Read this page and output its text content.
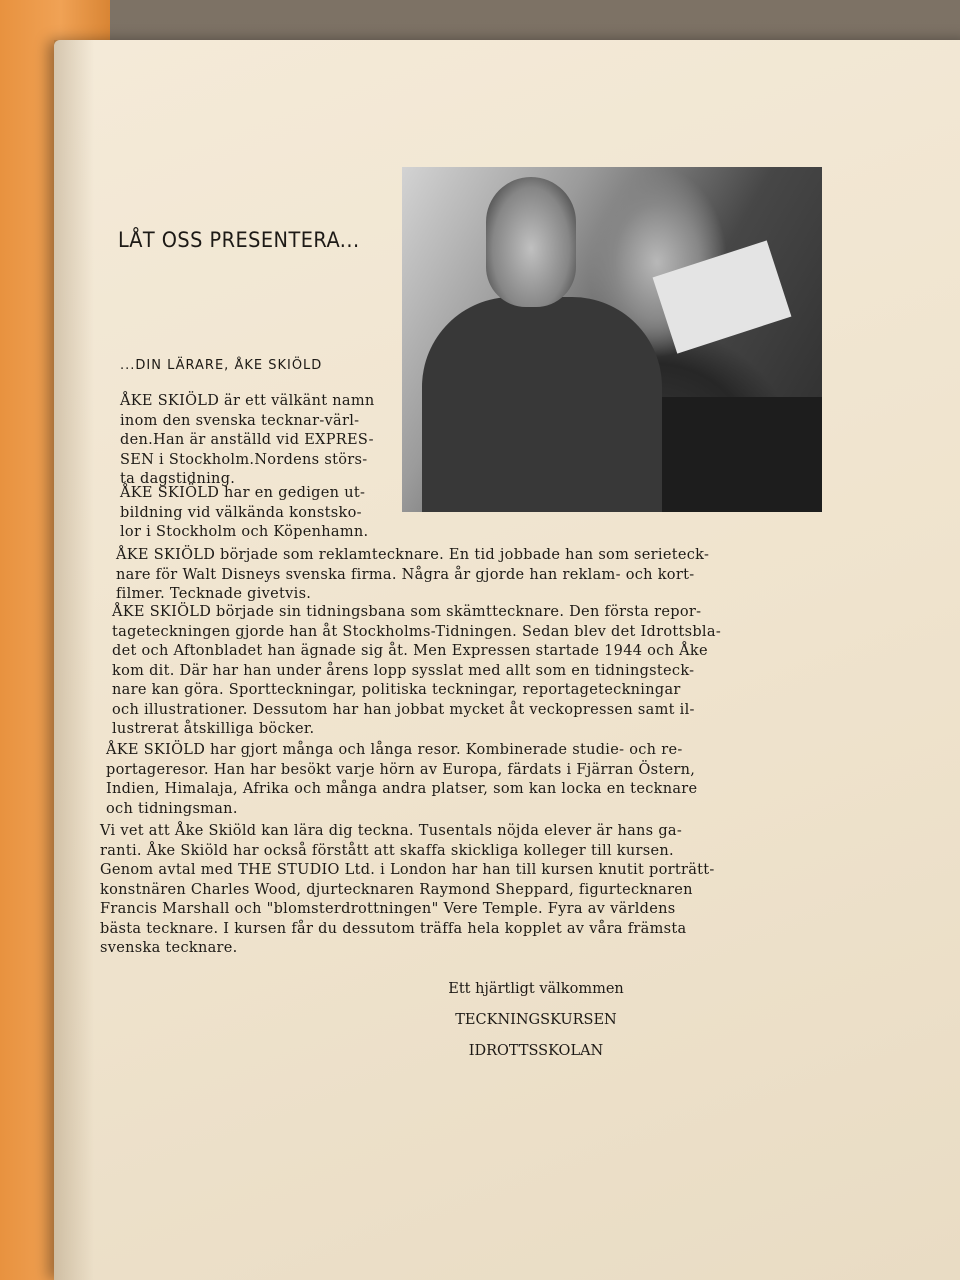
LÅT OSS PRESENTERA...
...DIN LÄRARE, ÅKE SKIÖLD
ÅKE SKIÖLD är ett välkänt namn
inom den svenska tecknar-värl-
den.Han är anställd vid EXPRES-
SEN i Stockholm.Nordens störs-
ta dagstidning.
ÅKE SKIÖLD har en gedigen ut-
bildning vid välkända konstsko-
lor i Stockholm och Köpenhamn.
ÅKE SKIÖLD började som reklamtecknare. En tid jobbade han som serieteck-
nare för Walt Disneys svenska firma. Några år gjorde han reklam- och kort-
filmer. Tecknade givetvis.
ÅKE SKIÖLD började sin tidningsbana som skämttecknare. Den första repor-
tageteckningen gjorde han åt Stockholms-Tidningen. Sedan blev det Idrottsbla-
det och Aftonbladet han ägnade sig åt. Men Expressen startade 1944 och Åke
kom dit. Där har han under årens lopp sysslat med allt som en tidningsteck-
nare kan göra. Sportteckningar, politiska teckningar, reportageteckningar
och illustrationer. Dessutom har han jobbat mycket åt veckopressen samt il-
lustrerat åtskilliga böcker.
ÅKE SKIÖLD har gjort många och långa resor. Kombinerade studie- och re-
portageresor. Han har besökt varje hörn av Europa, färdats i Fjärran Östern,
Indien, Himalaja, Afrika och många andra platser, som kan locka en tecknare
och tidningsman.
Vi vet att Åke Skiöld kan lära dig teckna. Tusentals nöjda elever är hans ga-
ranti. Åke Skiöld har också förstått att skaffa skickliga kolleger till kursen.
Genom avtal med THE STUDIO Ltd. i London har han till kursen knutit porträtt-
konstnären Charles Wood, djurtecknaren Raymond Sheppard, figurtecknaren
Francis Marshall och "blomsterdrottningen" Vere Temple. Fyra av världens
bästa tecknare. I kursen får du dessutom träffa hela kopplet av våra främsta
svenska tecknare.
Ett hjärtligt välkommen
TECKNINGSKURSEN
IDROTTSSKOLAN
